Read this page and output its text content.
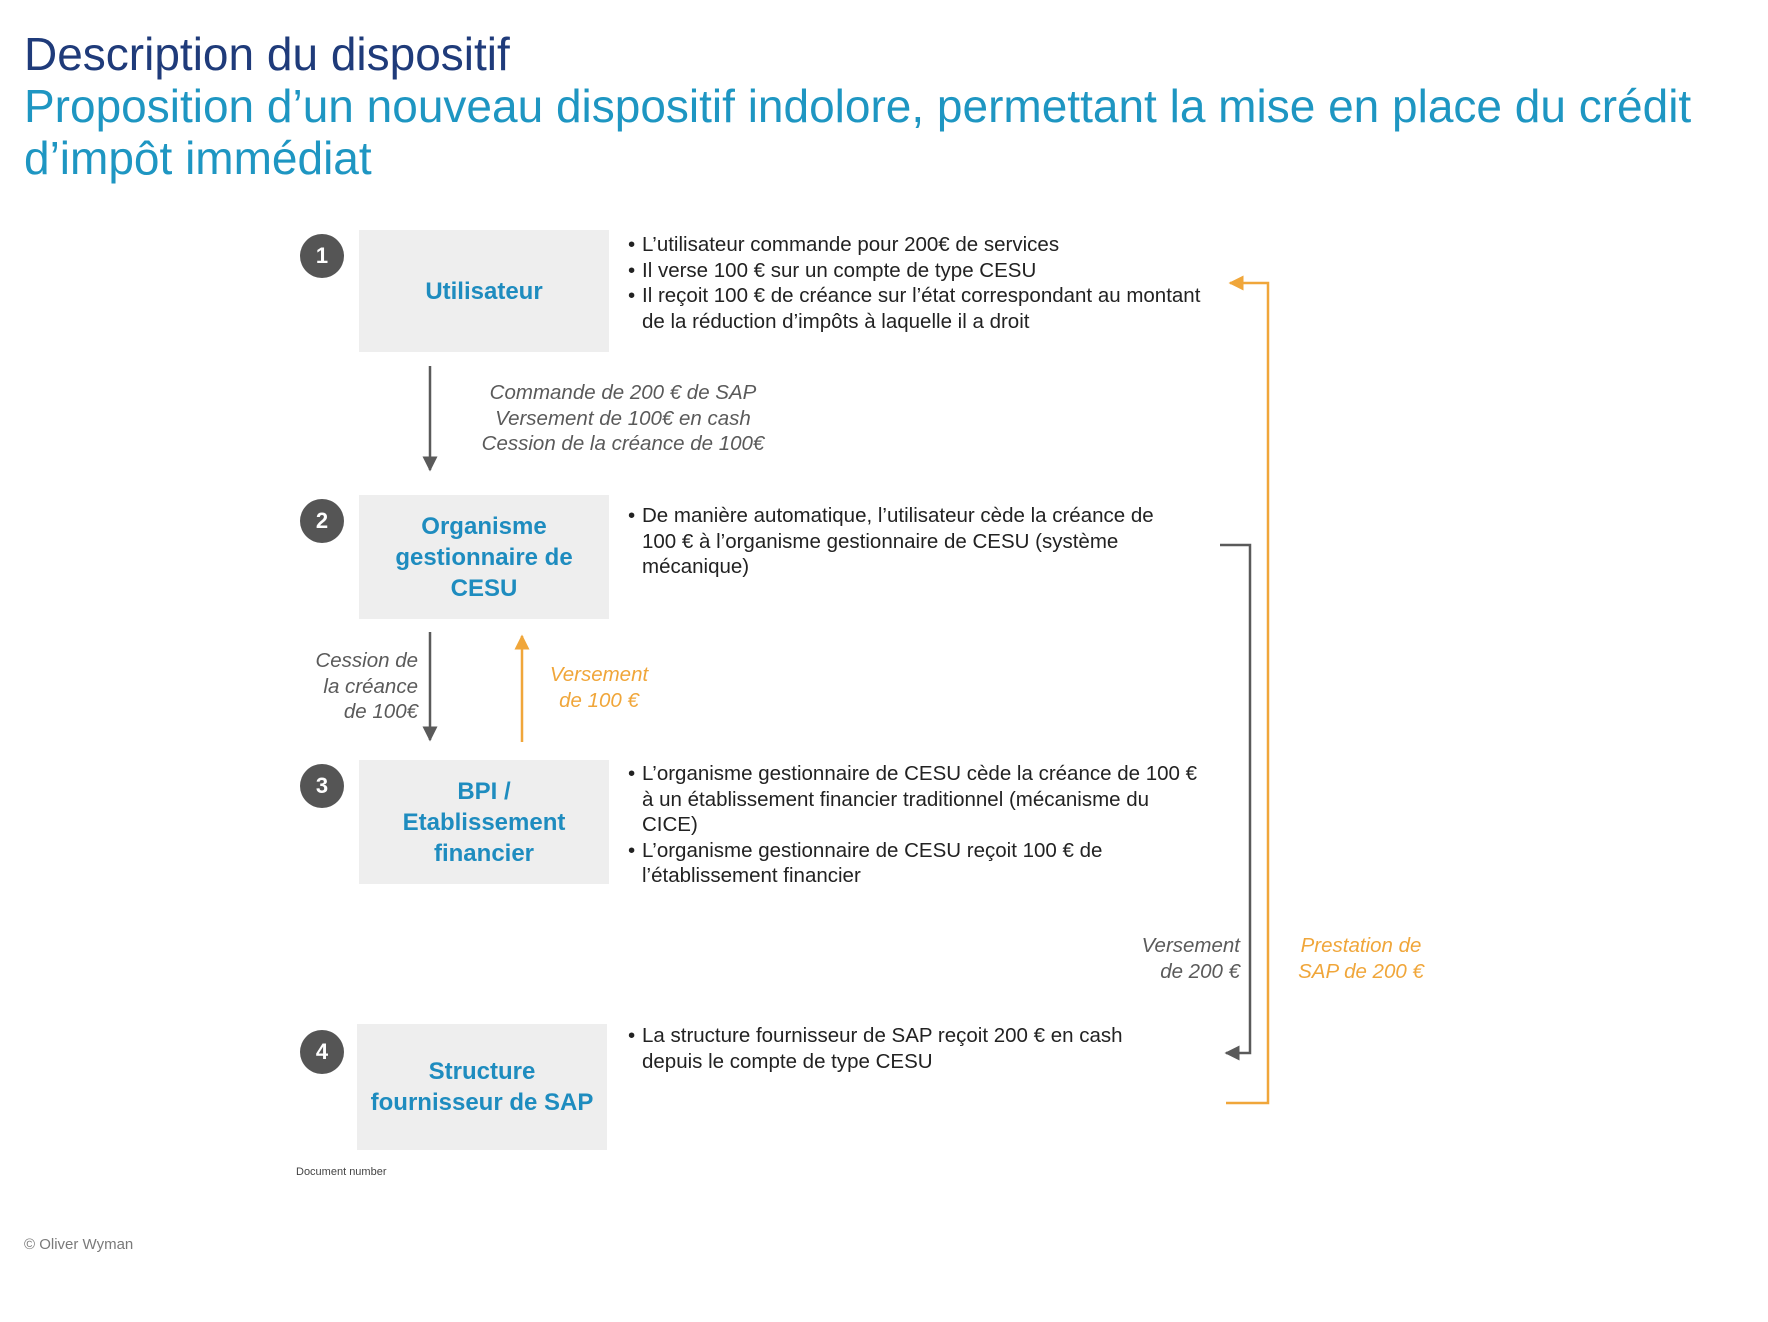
Description du dispositif
Proposition d’un nouveau dispositif indolore, permettant la mise en place du crédit d’impôt immédiat
1
Utilisateur
• L’utilisateur commande pour 200€ de services
• Il verse 100 € sur un compte de type CESU
• Il reçoit 100 € de créance sur l’état correspondant au montant de la réduction d’impôts à laquelle il a droit
Commande de 200 € de SAP
Versement de 100€ en cash
Cession de la créance de 100€
2	Organisme gestionnaire de CESU
• De manière automatique, l’utilisateur cède la créance de 100 € à l’organisme gestionnaire de CESU (système mécanique)
Cession de
la créance
de 100€
Versement
de 100 €
3	BPI / Etablissement financier
• L’organisme gestionnaire de CESU cède la créance de 100 € à un établissement financier traditionnel (mécanisme du CICE)
• L’organisme gestionnaire de CESU reçoit 100 € de l’établissement financier
Versement
de 200 €
Prestation de
SAP de 200 €
4
Structure fournisseur de SAP
• La structure fournisseur de SAP reçoit 200 € en cash depuis le compte de type CESU
Document number
© Oliver Wyman
